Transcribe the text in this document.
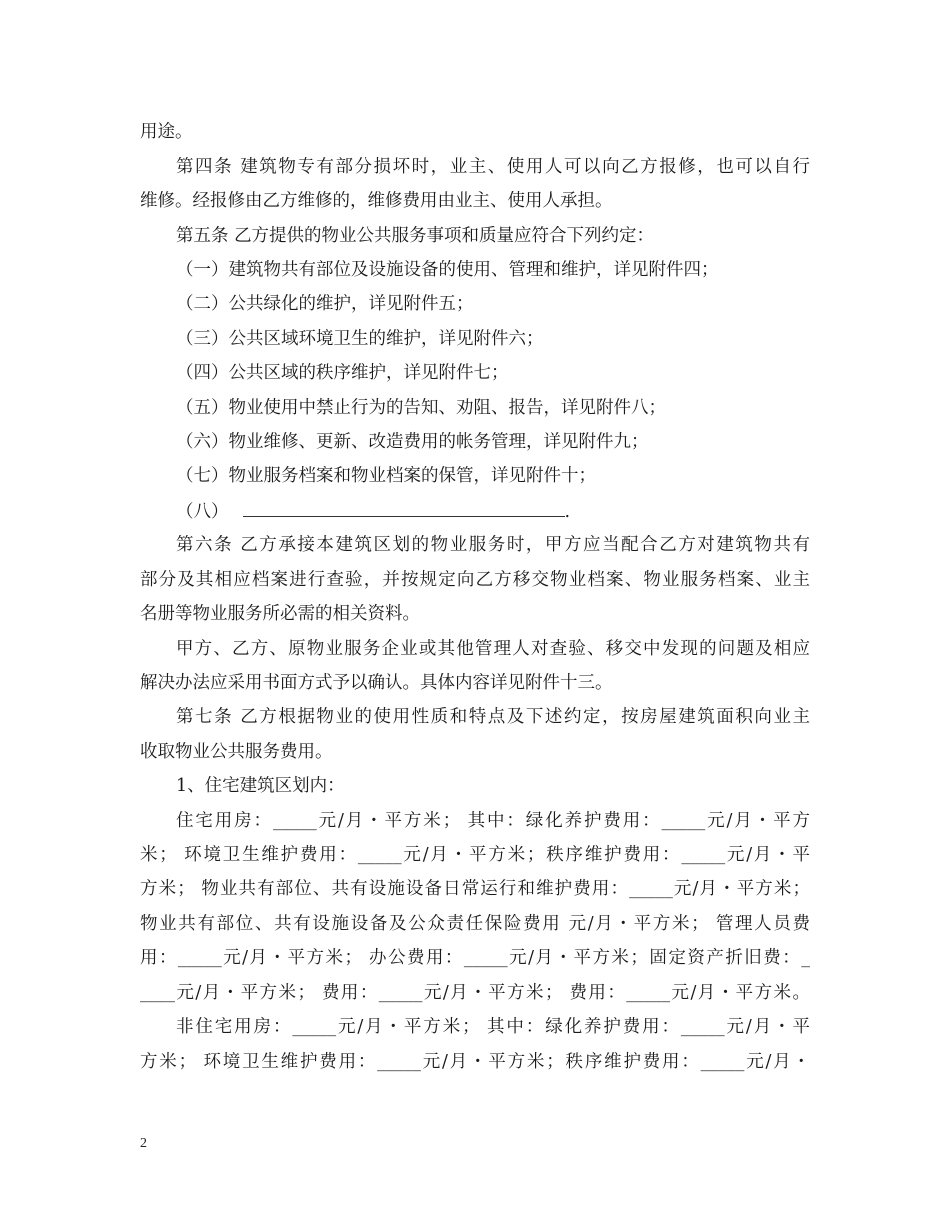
用途。
第四条 建筑物专有部分损坏时，业主、使用人可以向乙方报修，也可以自行
维修。经报修由乙方维修的，维修费用由业主、使用人承担。
第五条 乙方提供的物业公共服务事项和质量应符合下列约定：
（一）建筑物共有部位及设施设备的使用、管理和维护，详见附件四；
（二）公共绿化的维护，详见附件五；
（三）公共区域环境卫生的维护，详见附件六；
（四）公共区域的秩序维护，详见附件七；
（五）物业使用中禁止行为的告知、劝阻、报告，详见附件八；
（六）物业维修、更新、改造费用的帐务管理，详见附件九；
（七）物业服务档案和物业档案的保管，详见附件十；
（八）	.
第六条 乙方承接本建筑区划的物业服务时，甲方应当配合乙方对建筑物共有
部分及其相应档案进行查验，并按规定向乙方移交物业档案、物业服务档案、业主
名册等物业服务所必需的相关资料。
甲方、乙方、原物业服务企业或其他管理人对查验、移交中发现的问题及相应
解决办法应采用书面方式予以确认。具体内容详见附件十三。
第七条 乙方根据物业的使用性质和特点及下述约定，按房屋建筑面积向业主
收取物业公共服务费用。
1、住宅建筑区划内：
住宅用房：_____元/月・平方米； 其中：绿化养护费用：_____元/月・平方
米； 环境卫生维护费用：_____元/月・平方米；秩序维护费用：_____元/月・平
方米； 物业共有部位、共有设施设备日常运行和维护费用：_____元/月・平方米；
物业共有部位、共有设施设备及公众责任保险费用 元/月・平方米； 管理人员费
用：_____元/月・平方米； 办公费用：_____元/月・平方米；固定资产折旧费：_
____元/月・平方米； 费用：_____元/月・平方米； 费用：_____元/月・平方米。
非住宅用房：_____元/月・平方米； 其中：绿化养护费用：_____元/月・平
方米； 环境卫生维护费用：_____元/月・平方米；秩序维护费用：_____元/月・
2
